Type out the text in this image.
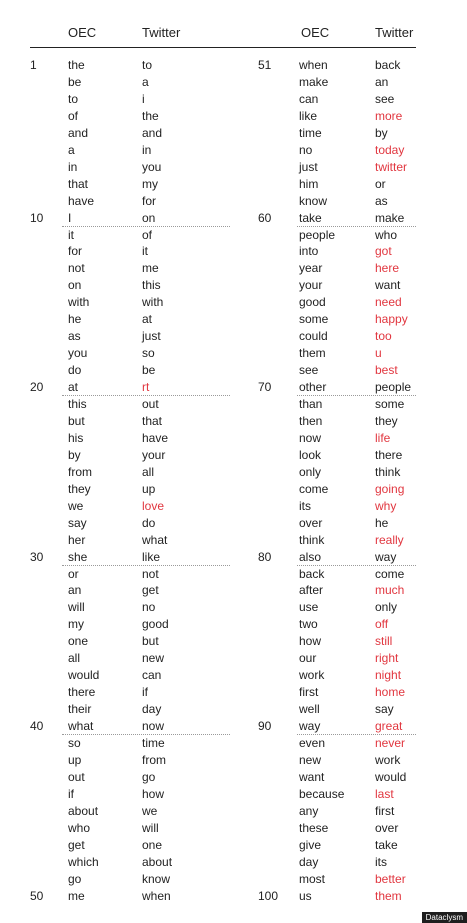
OEC	Twitter	OEC	Twitter
1	the	to
be	a
to	i
of	the
and	and
a	in
in	you
that	my
have	for
10 I	on
it	of
for	it
not	me
on	this
with	with
he	at
as	just
you	so
do	be
20 at	rt
this	out
but	that
his	have
by	your
from	all
they	up
we	love
say	do
her	what
30 she	like
or	not
an	get
will	no
my	good
one	but
all	new
would	can
there	if
their	day
40 what	now
so	time
up	from
out	go
if	how
about	we
who	will
get	one
which	about
go	know
50 me	when
51 when	back
make	an
can	see
like	more
time	by
no	today
just	twitter
him	or
know	as
60 take	make
people	who
into	got
year	here
your	want
good	need
some	happy
could	too
them	u
see	best
70 other	people
than	some
then	they
now	life
look	there
only	think
come	going
its	why
over	he
think	really
80 also	way
back	come
after	much
use	only
two	off
how	still
our	right
work	night
first	home
well	say
90 way	great
even	never
new	work
want	would
because	last
any	first
these	over
give	take
day	its
most	better
100 us	them
Dataclysm
